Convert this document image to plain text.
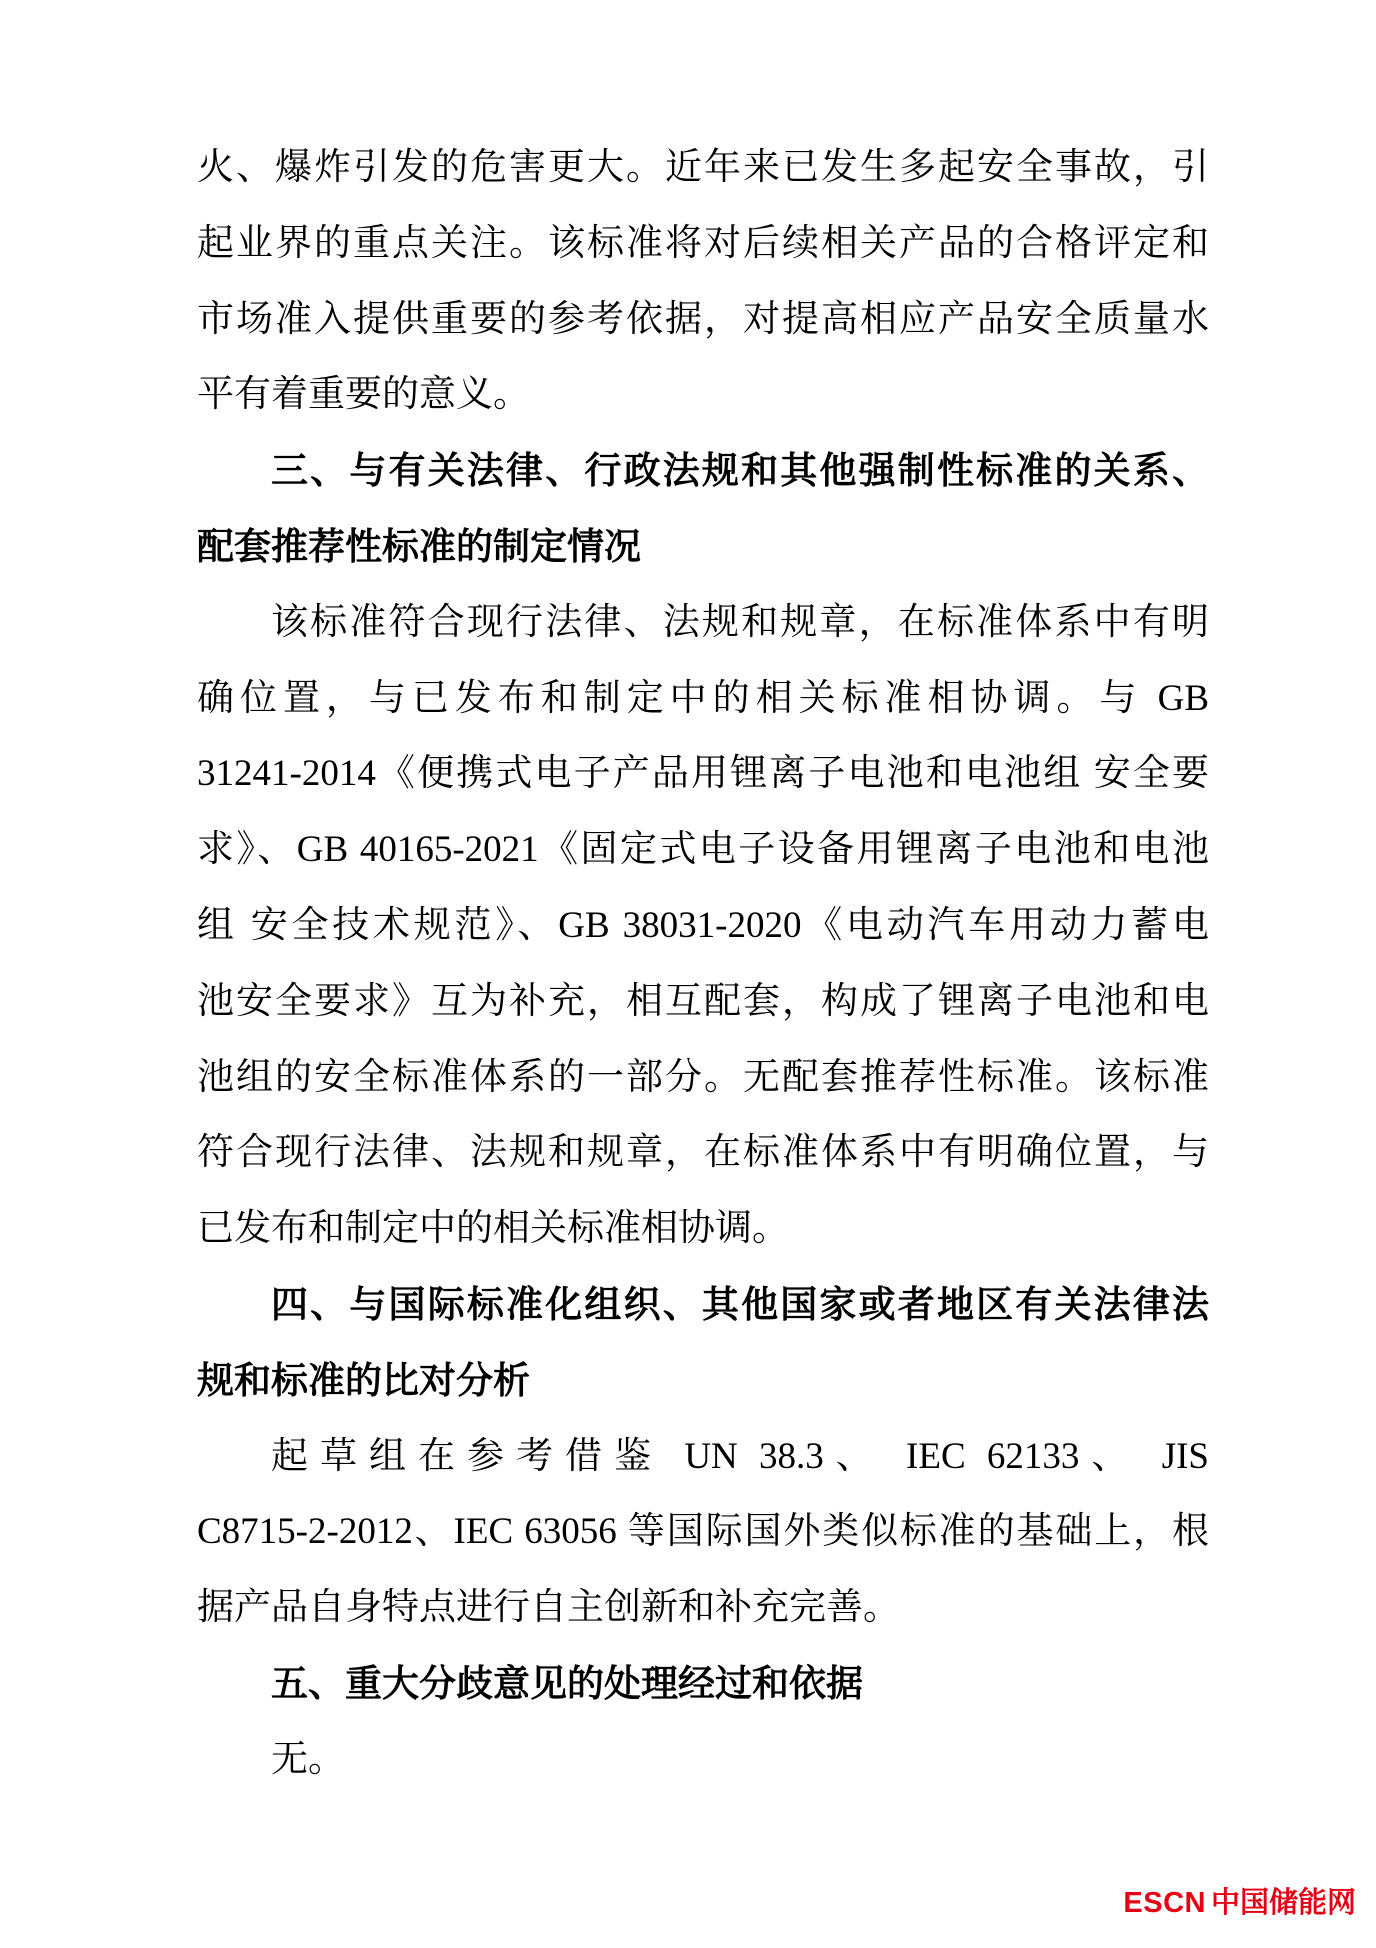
火、爆炸引发的危害更大。近年来已发生多起安全事故，引
起业界的重点关注。该标准将对后续相关产品的合格评定和
市场准入提供重要的参考依据，对提高相应产品安全质量水
平有着重要的意义。
三、与有关法律、行政法规和其他强制性标准的关系、
配套推荐性标准的制定情况
该标准符合现行法律、法规和规章，在标准体系中有明
确位置，与已发布和制定中的相关标准相协调。与 GB
31241-2014《便携式电子产品用锂离子电池和电池组 安全要
求》、GB 40165-2021《固定式电子设备用锂离子电池和电池
组 安全技术规范》、GB 38031-2020《电动汽车用动力蓄电
池安全要求》互为补充，相互配套，构成了锂离子电池和电
池组的安全标准体系的一部分。无配套推荐性标准。该标准
符合现行法律、法规和规章，在标准体系中有明确位置，与
已发布和制定中的相关标准相协调。
四、与国际标准化组织、其他国家或者地区有关法律法
规和标准的比对分析
起草组在参考借鉴 UN 38.3、 IEC 62133、 JIS
C8715-2-2012、IEC 63056 等国际国外类似标准的基础上，根
据产品自身特点进行自主创新和补充完善。
五、重大分歧意见的处理经过和依据
无。
ESCN 中国储能网
